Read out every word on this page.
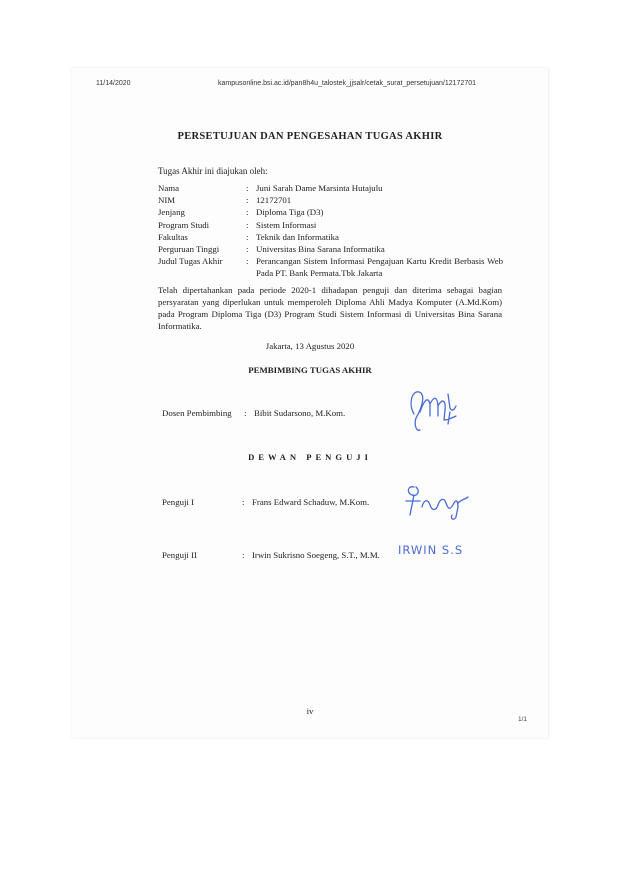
11/14/2020	kampusonline.bsi.ac.id/pan8h4u_talostek_jjsalr/cetak_surat_persetujuan/12172701
PERSETUJUAN DAN PENGESAHAN TUGAS AKHIR
Tugas Akhir ini diajukan oleh:
Nama	: Juni Sarah Dame Marsinta Hutajulu
NIM	: 12172701
Jenjang	: Diploma Tiga (D3)
Program Studi	: Sistem Informasi
Fakultas	: Teknik dan Informatika
Perguruan Tinggi	: Universitas Bina Sarana Informatika
Judul Tugas Akhir	: Perancangan Sistem Informasi Pengajuan Kartu Kredit Berbasis Web Pada PT. Bank Permata.Tbk Jakarta
Telah dipertahankan pada periode 2020-1 dihadapan penguji dan diterima sebagai bagian persyaratan yang diperlukan untuk memperoleh Diploma Ahli Madya Komputer (A.Md.Kom) pada Program Diploma Tiga (D3) Program Studi Sistem Informasi di Universitas Bina Sarana Informatika.
Jakarta, 13 Agustus 2020
PEMBIMBING TUGAS AKHIR
Dosen Pembimbing	: Bibit Sudarsono, M.Kom.
DEWAN PENGUJI
Penguji I	: Frans Edward Schaduw, M.Kom.
Penguji II	: Irwin Sukrisno Soegeng, S.T., M.M. IRWIN S.S
iv
1/1
